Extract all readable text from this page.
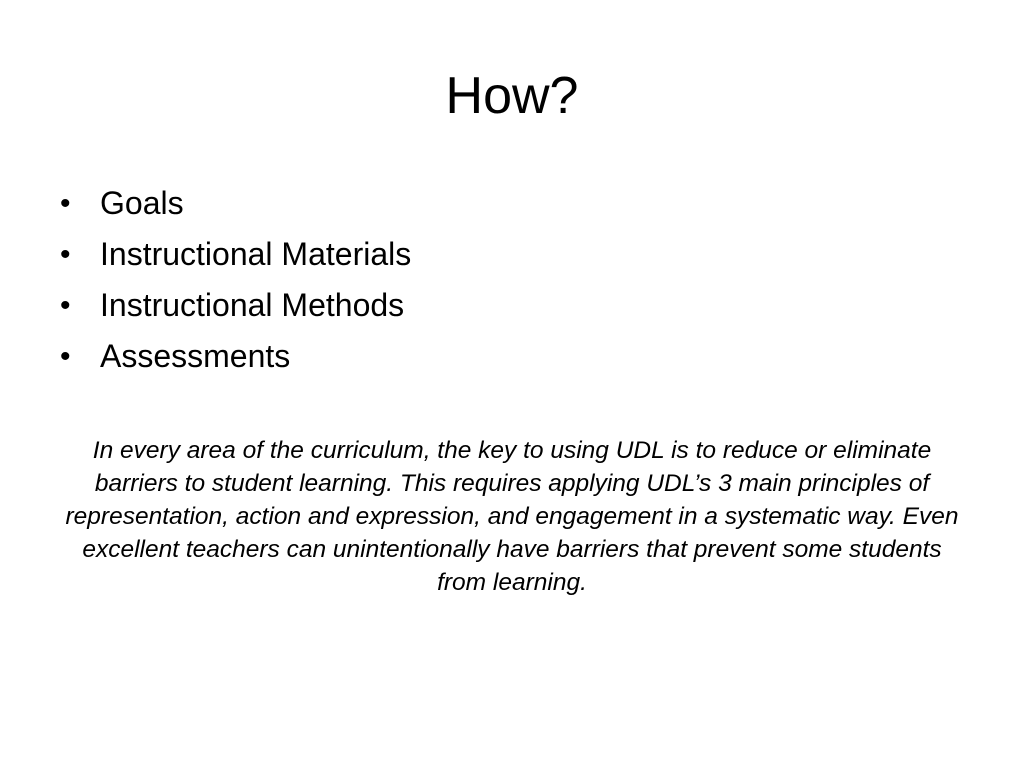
How?
• Goals
• Instructional Materials
• Instructional Methods
• Assessments

In every area of the curriculum, the key to using UDL is to reduce or eliminate barriers to student learning. This requires applying UDL’s 3 main principles of representation, action and expression, and engagement in a systematic way. Even excellent teachers can unintentionally have barriers that prevent some students from learning.
